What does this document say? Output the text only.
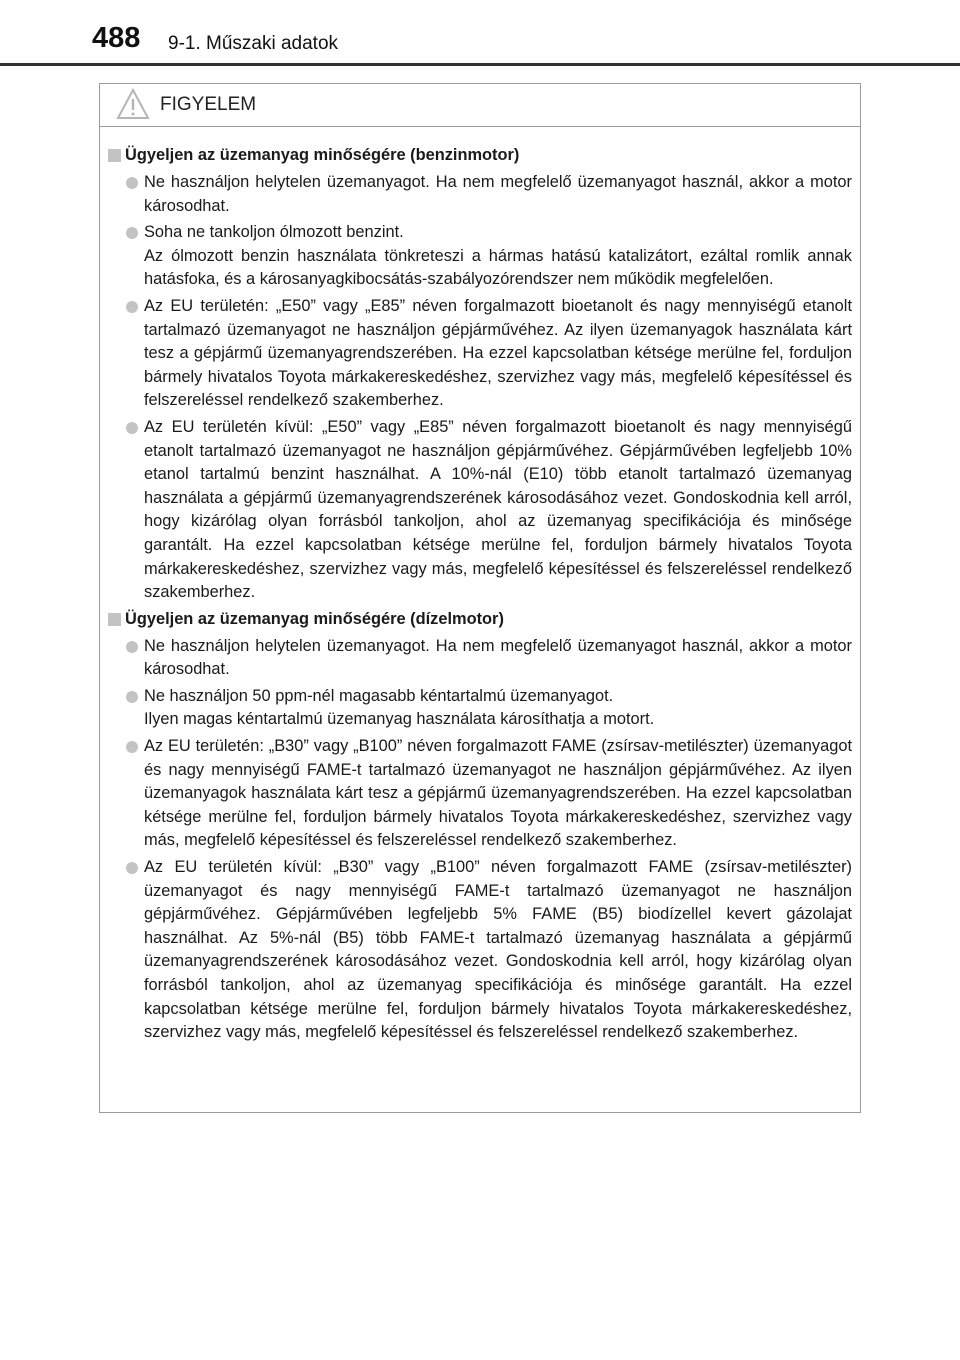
488 9-1. Műszaki adatok
FIGYELEM
Ügyeljen az üzemanyag minőségére (benzinmotor)
Ne használjon helytelen üzemanyagot. Ha nem megfelelő üzemanyagot használ, akkor a motor károsodhat.
Soha ne tankoljon ólmozott benzint.
Az ólmozott benzin használata tönkreteszi a hármas hatású katalizátort, ezáltal romlik annak hatásfoka, és a károsanyagkibocsátás-szabályozórendszer nem működik megfelelően.
Az EU területén: „E50” vagy „E85” néven forgalmazott bioetanolt és nagy mennyiségű etanolt tartalmazó üzemanyagot ne használjon gépjárművéhez. Az ilyen üzemanyagok használata kárt tesz a gépjármű üzemanyagrendszerében. Ha ezzel kapcsolatban kétsége merülne fel, forduljon bármely hivatalos Toyota márkakereskedéshez, szervizhez vagy más, megfelelő képesítéssel és felszereléssel rendelkező szakemberhez.
Az EU területén kívül: „E50” vagy „E85” néven forgalmazott bioetanolt és nagy mennyiségű etanolt tartalmazó üzemanyagot ne használjon gépjárművéhez. Gépjárművében legfeljebb 10% etanol tartalmú benzint használhat. A 10%-nál (E10) több etanolt tartalmazó üzemanyag használata a gépjármű üzemanyagrendszerének károsodásához vezet. Gondoskodnia kell arról, hogy kizárólag olyan forrásból tankoljon, ahol az üzemanyag specifikációja és minősége garantált. Ha ezzel kapcsolatban kétsége merülne fel, forduljon bármely hivatalos Toyota márkakereskedéshez, szervizhez vagy más, megfelelő képesítéssel és felszereléssel rendelkező szakemberhez.
Ügyeljen az üzemanyag minőségére (dízelmotor)
Ne használjon helytelen üzemanyagot. Ha nem megfelelő üzemanyagot használ, akkor a motor károsodhat.
Ne használjon 50 ppm-nél magasabb kéntartalmú üzemanyagot.
Ilyen magas kéntartalmú üzemanyag használata károsíthatja a motort.
Az EU területén: „B30” vagy „B100” néven forgalmazott FAME (zsírsav-metilészter) üzemanyagot és nagy mennyiségű FAME-t tartalmazó üzemanyagot ne használjon gépjárművéhez. Az ilyen üzemanyagok használata kárt tesz a gépjármű üzemanyagrendszerében. Ha ezzel kapcsolatban kétsége merülne fel, forduljon bármely hivatalos Toyota márkakereskedéshez, szervizhez vagy más, megfelelő képesítéssel és felszereléssel rendelkező szakemberhez.
Az EU területén kívül: „B30” vagy „B100” néven forgalmazott FAME (zsírsav-metilészter) üzemanyagot és nagy mennyiségű FAME-t tartalmazó üzemanyagot ne használjon gépjárművéhez. Gépjárművében legfeljebb 5% FAME (B5) biodízellel kevert gázolajat használhat. Az 5%-nál (B5) több FAME-t tartalmazó üzemanyag használata a gépjármű üzemanyagrendszerének károsodásához vezet. Gondoskodnia kell arról, hogy kizárólag olyan forrásból tankoljon, ahol az üzemanyag specifikációja és minősége garantált. Ha ezzel kapcsolatban kétsége merülne fel, forduljon bármely hivatalos Toyota márkakereskedéshez, szervizhez vagy más, megfelelő képesítéssel és felszereléssel rendelkező szakemberhez.
